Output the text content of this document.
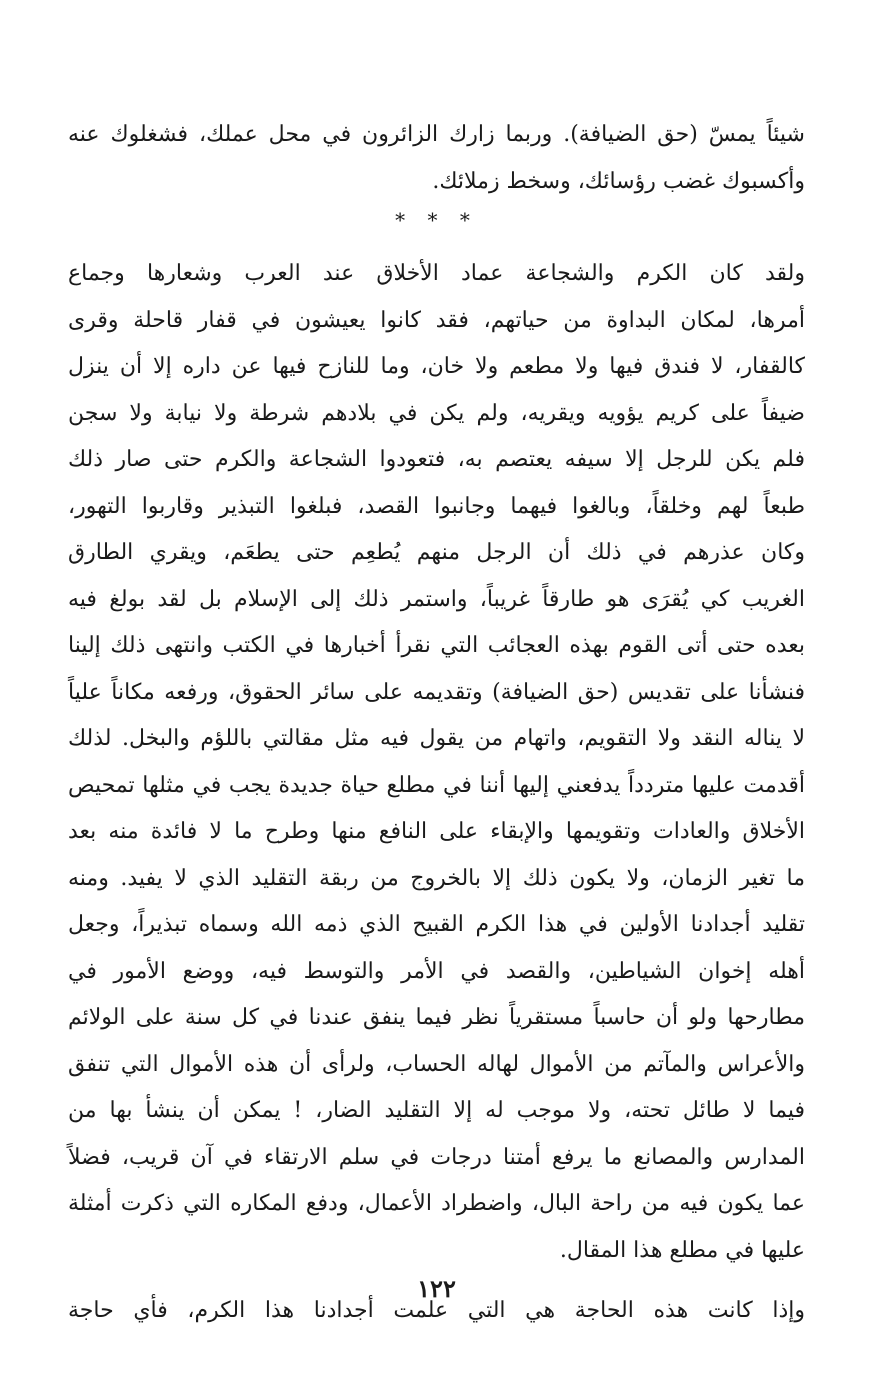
شيئاً يمسّ (حق الضيافة). وربما زارك الزائرون في محل عملك، فشغلوك عنه

وأكسبوك غضب رؤسائك، وسخط زملائك.

* * *

ولقد كان الكرم والشجاعة عماد الأخلاق عند العرب وشعارها وجماع

أمرها، لمكان البداوة من حياتهم، فقد كانوا يعيشون في قفار قاحلة وقرى

كالقفار، لا فندق فيها ولا مطعم ولا خان، وما للنازح فيها عن داره إلا أن ينزل

ضيفاً على كريم يؤويه ويقريه، ولم يكن في بلادهم شرطة ولا نيابة ولا سجن

فلم يكن للرجل إلا سيفه يعتصم به، فتعودوا الشجاعة والكرم حتى صار ذلك

طبعاً لهم وخلقاً، وبالغوا فيهما وجانبوا القصد، فبلغوا التبذير وقاربوا التهور،

وكان عذرهم في ذلك أن الرجل منهم يُطعِم حتى يطعَم، ويقري الطارق

الغريب كي يُقرَى هو طارقاً غريباً، واستمر ذلك إلى الإسلام بل لقد بولغ فيه

بعده حتى أتى القوم بهذه العجائب التي نقرأ أخبارها في الكتب وانتهى ذلك إلينا

فنشأنا على تقديس (حق الضيافة) وتقديمه على سائر الحقوق، ورفعه مكاناً علياً

لا يناله النقد ولا التقويم، واتهام من يقول فيه مثل مقالتي باللؤم والبخل. لذلك

أقدمت عليها متردداً يدفعني إليها أننا في مطلع حياة جديدة يجب في مثلها تمحيص

الأخلاق والعادات وتقويمها والإبقاء على النافع منها وطرح ما لا فائدة منه بعد

ما تغير الزمان، ولا يكون ذلك إلا بالخروج من ربقة التقليد الذي لا يفيد. ومنه

تقليد أجدادنا الأولين في هذا الكرم القبيح الذي ذمه الله وسماه تبذيراً، وجعل

أهله إخوان الشياطين، والقصد في الأمر والتوسط فيه، ووضع الأمور في

مطارحها ولو أن حاسباً مستقرياً نظر فيما ينفق عندنا في كل سنة على الولائم

والأعراس والمآتم من الأموال لهاله الحساب، ولرأى أن هذه الأموال التي تنفق

فيما لا طائل تحته، ولا موجب له إلا التقليد الضار، ! يمكن أن ينشأ بها من

المدارس والمصانع ما يرفع أمتنا درجات في سلم الارتقاء في آن قريب، فضلاً

عما يكون فيه من راحة البال، واضطراد الأعمال، ودفع المكاره التي ذكرت أمثلة

عليها في مطلع هذا المقال.

وإذا كانت هذه الحاجة هي التي علمت أجدادنا هذا الكرم، فأي حاجة

١٢٢
